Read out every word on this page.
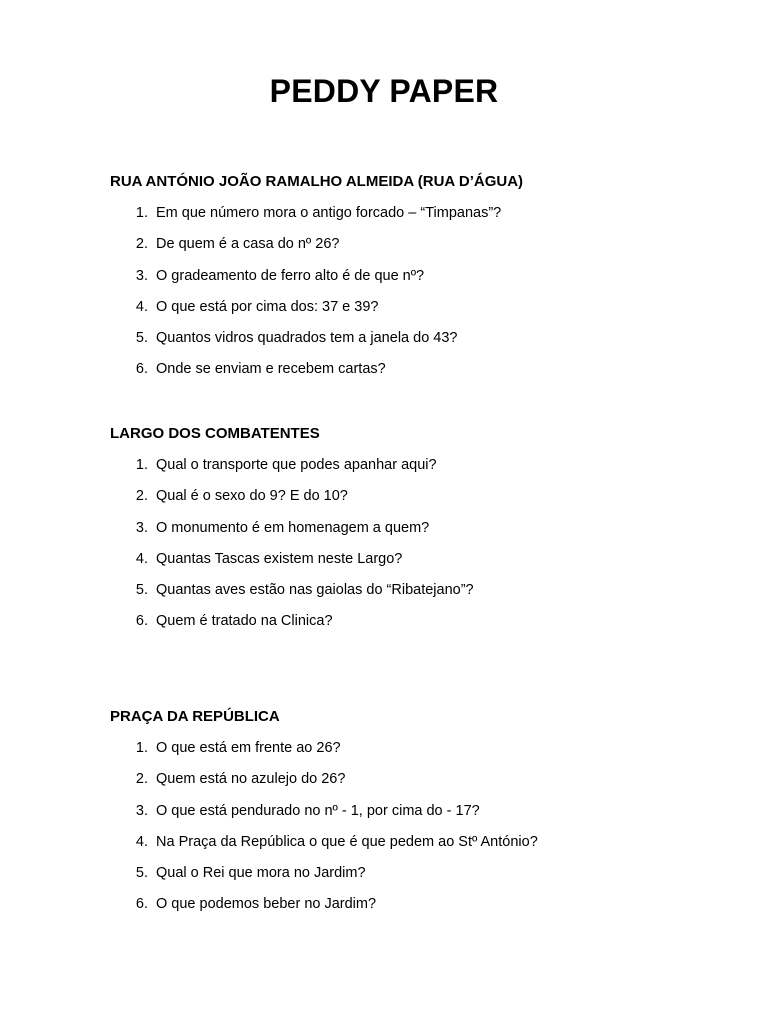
PEDDY PAPER
RUA ANTÓNIO JOÃO RAMALHO ALMEIDA (RUA D’ÁGUA)
1. Em que número mora o antigo forcado – “Timpanas”?
2. De quem é a casa do nº 26?
3. O gradeamento de ferro alto é de que nº?
4. O que está por cima dos: 37 e 39?
5. Quantos vidros quadrados tem a janela do 43?
6. Onde se enviam e recebem cartas?
LARGO DOS COMBATENTES
1. Qual o transporte que podes apanhar aqui?
2. Qual é o sexo do 9? E do 10?
3. O monumento é em homenagem a quem?
4. Quantas Tascas existem neste Largo?
5. Quantas aves estão nas gaiolas do “Ribatejano”?
6. Quem é tratado na Clinica?
PRAÇA DA REPÚBLICA
1. O que está em frente ao 26?
2. Quem está no azulejo do 26?
3. O que está pendurado no nº - 1, por cima do - 17?
4. Na Praça da República o que é que pedem ao Stº António?
5. Qual o Rei que mora no Jardim?
6. O que podemos beber no Jardim?
